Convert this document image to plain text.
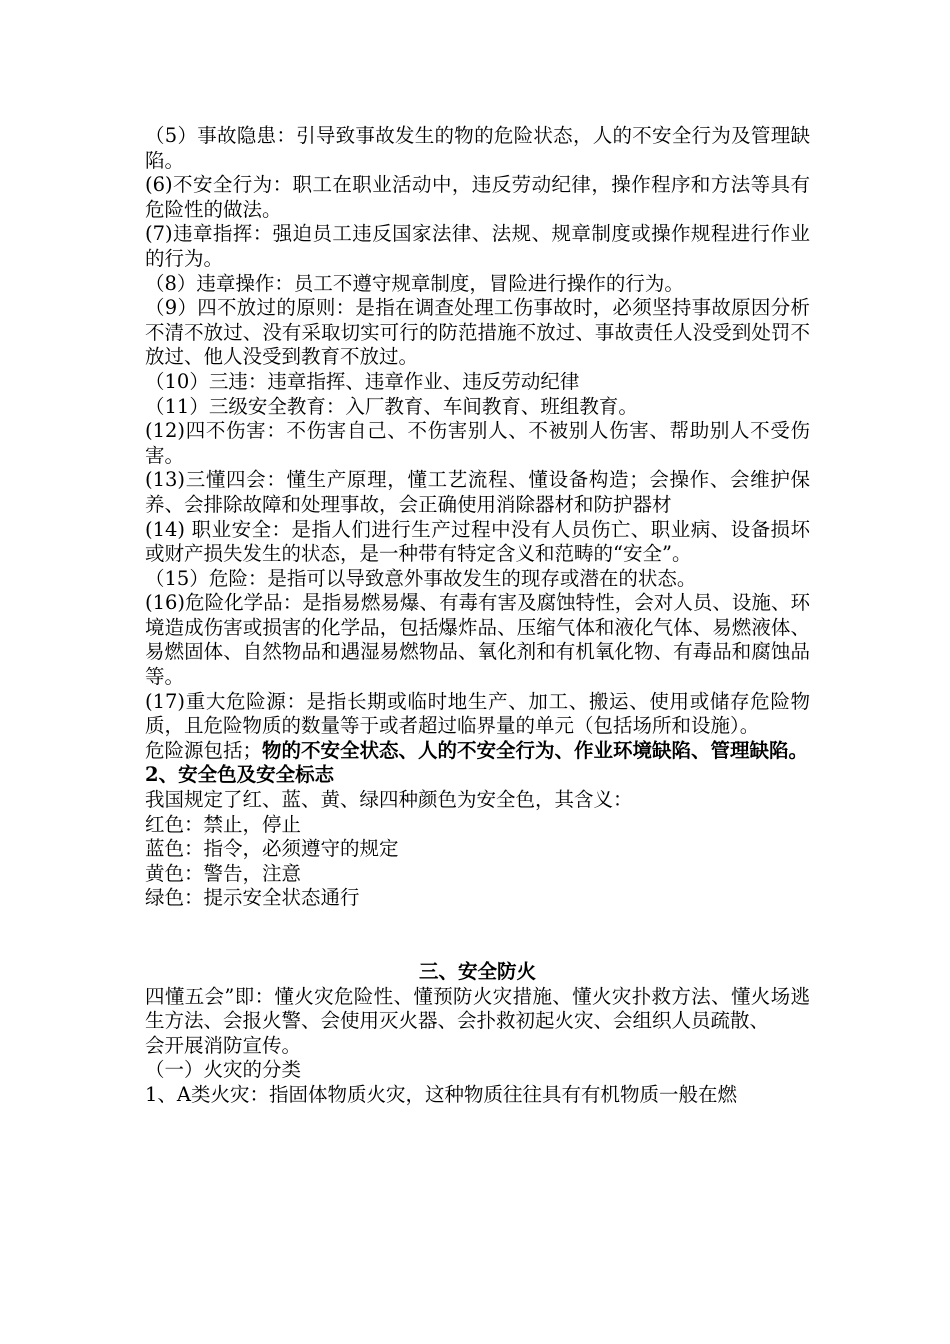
（5）事故隐患：引导致事故发生的物的危险状态，人的不安全行为及管理缺陷。

(6)不安全行为：职工在职业活动中，违反劳动纪律，操作程序和方法等具有危险性的做法。

(7)违章指挥：强迫员工违反国家法律、法规、规章制度或操作规程进行作业的行为。

（8）违章操作：员工不遵守规章制度，冒险进行操作的行为。

（9）四不放过的原则：是指在调查处理工伤事故时，必须坚持事故原因分析不清不放过、没有采取切实可行的防范措施不放过、事故责任人没受到处罚不放过、他人没受到教育不放过。

（10）三违：违章指挥、违章作业、违反劳动纪律

（11）三级安全教育：入厂教育、车间教育、班组教育。

(12)四不伤害：不伤害自己、不伤害别人、不被别人伤害、帮助别人不受伤害。

(13)三懂四会：懂生产原理，懂工艺流程、懂设备构造；会操作、会维护保养、会排除故障和处理事故，会正确使用消除器材和防护器材

(14) 职业安全：是指人们进行生产过程中没有人员伤亡、职业病、设备损坏或财产损失发生的状态，是一种带有特定含义和范畴的“安全”。

（15）危险：是指可以导致意外事故发生的现存或潜在的状态。

(16)危险化学品：是指易燃易爆、有毒有害及腐蚀特性，会对人员、设施、环境造成伤害或损害的化学品，包括爆炸品、压缩气体和液化气体、易燃液体、易燃固体、自然物品和遇湿易燃物品、氧化剂和有机氧化物、有毒品和腐蚀品等。

(17)重大危险源：是指长期或临时地生产、加工、搬运、使用或储存危险物质，且危险物质的数量等于或者超过临界量的单元（包括场所和设施）。

危险源包括；物的不安全状态、人的不安全行为、作业环境缺陷、管理缺陷。

2、安全色及安全标志

我国规定了红、蓝、黄、绿四种颜色为安全色，其含义：

红色：禁止，停止

蓝色：指令，必须遵守的规定

黄色：警告，注意

绿色：提示安全状态通行

三、安全防火

四懂五会”即：懂火灾危险性、懂预防火灾措施、懂火灾扑救方法、懂火场逃生方法、会报火警、会使用灭火器、会扑救初起火灾、会组织人员疏散、

会开展消防宣传。

（一）火灾的分类

1、A类火灾：指固体物质火灾，这种物质往往具有有机物质一般在燃
